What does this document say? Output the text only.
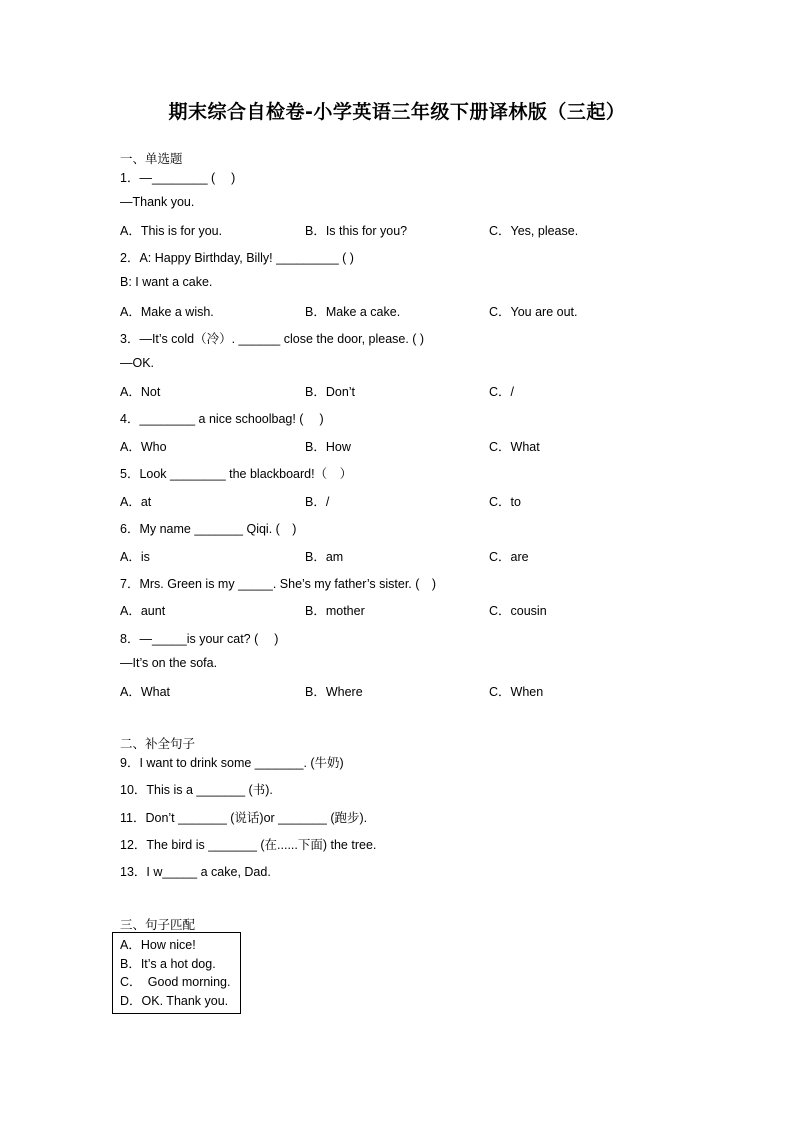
期末综合自检卷-小学英语三年级下册译林版（三起）
一、单选题
1．—________ (　 )
—Thank you.
A．This is for you.	B．Is this for you?	C．Yes, please.
2．A: Happy Birthday, Billy! _________ ( )
B: I want a cake.
A．Make a wish.	B．Make a cake.	C．You are out.
3．—It’s cold（冷）. ______ close the door, please. ( )
—OK.
A．Not	B．Don’t	C．/
4．________ a nice schoolbag! (　 )
A．Who	B．How	C．What
5．Look ________ the blackboard!（　）
A．at	B．/	C．to
6．My name _______ Qiqi. (　)
A．is	B．am	C．are
7．Mrs. Green is my _____. She’s my father’s sister. (　)
A．aunt	B．mother	C．cousin
8．—_____is your cat? (　 )
—It’s on the sofa.
A．What	B．Where	C．When
二、补全句子
9．I want to drink some _______. (牛奶)
10．This is a _______ (书).
11．Don’t _______ (说话)or _______ (跑步).
12．The bird is _______ (在......下面) the tree.
13．I w_____ a cake, Dad.
三、句子匹配
A．How nice!
B．It’s a hot dog.
C．　Good morning.
D．OK. Thank you.
